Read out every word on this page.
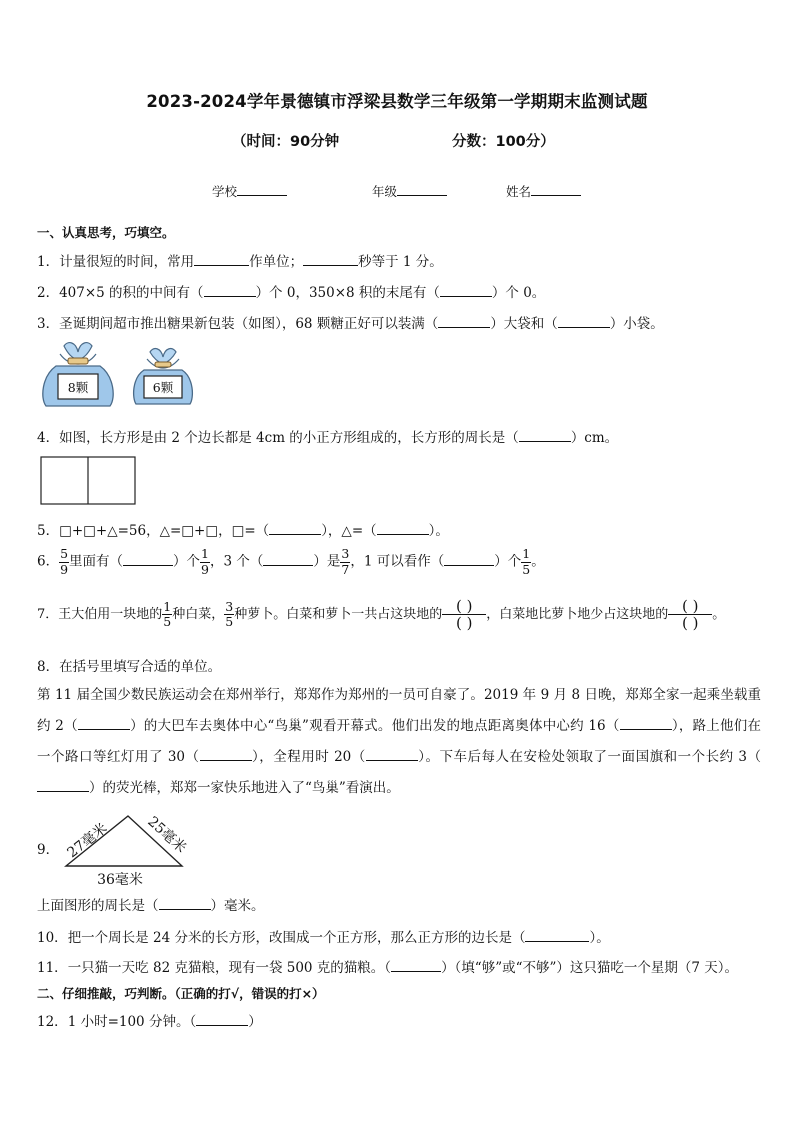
2023-2024学年景德镇市浮梁县数学三年级第一学期期末监测试题
（时间：90分钟	分数：100分）
学校	年级	姓名
一、认真思考，巧填空。
1．计量很短的时间，常用	作单位；	秒等于 1 分。
2．407×5 的积的中间有（	）个 0，350×8 积的末尾有（	）个 0。
3．圣诞期间超市推出糖果新包装（如图），68 颗糖正好可以装满（	）大袋和（	）小袋。
8颗	6颗
4．如图，长方形是由 2 个边长都是 4cm 的小正方形组成的，长方形的周长是（	）cm。
5．□+□+△=56，△=□+□，□=（	），△=（	）。
6． $\frac{5}{9}$ 里面有（	）个 $\frac{1}{9}$ ，3 个（	）是 $\frac{3}{7}$ ，1 可以看作（	）个 $\frac{1}{5}$ 。
7．王大伯用一块地的 $\frac{1}{5}$ 种白菜， $\frac{3}{5}$ 种萝卜。白菜和萝卜一共占这块地的 ( )
( )	，白菜地比萝卜地少占这块地的 ( )
( )	。
8．在括号里填写合适的单位。
第 11 届全国少数民族运动会在郑州举行，郑郑作为郑州的一员可自豪了。2019 年 9 月 8 日晚，郑郑全家一起乘坐载重约 2（	）的大巴车去奥体中心“鸟巢”观看开幕式。他们出发的地点距离奥体中心约 16（	），路上他们在一个路口等红灯用了 30（	），全程用时 20（	）。下车后每人在安检处领取了一面国旗和一个长约 3（）的荧光棒，郑郑一家快乐地进入了“鸟巢”看演出。
9． 27毫米 25毫米
36毫米
上面图形的周长是（	）毫米。
10．把一个周长是 24 分米的长方形，改围成一个正方形，那么正方形的边长是（	）。
11．一只猫一天吃 82 克猫粮，现有一袋 500 克的猫粮。（	）（填“够”或“不够”）这只猫吃一个星期（7 天）。
二、仔细推敲，巧判断。（正确的打√，错误的打×）
12．1 小时=100 分钟。（	）
